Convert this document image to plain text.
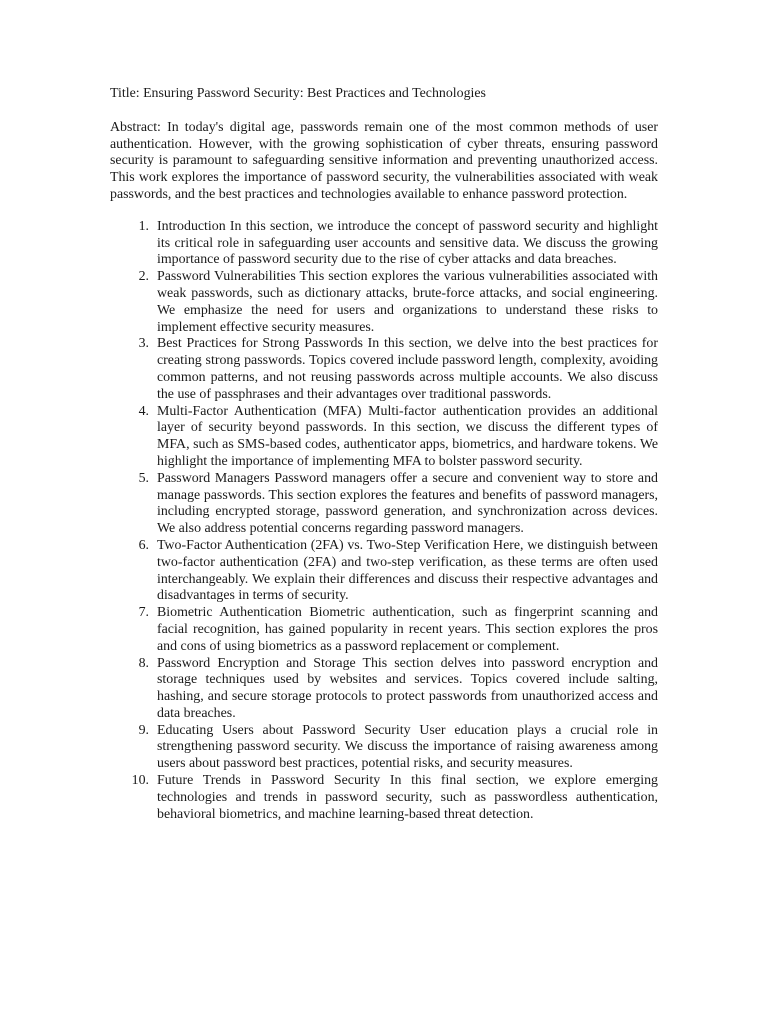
Title: Ensuring Password Security: Best Practices and Technologies

Abstract: In today's digital age, passwords remain one of the most common methods of user authentication. However, with the growing sophistication of cyber threats, ensuring password security is paramount to safeguarding sensitive information and preventing unauthorized access. This work explores the importance of password security, the vulnerabilities associated with weak passwords, and the best practices and technologies available to enhance password protection.

1. Introduction In this section, we introduce the concept of password security and highlight its critical role in safeguarding user accounts and sensitive data. We discuss the growing importance of password security due to the rise of cyber attacks and data breaches.
2. Password Vulnerabilities This section explores the various vulnerabilities associated with weak passwords, such as dictionary attacks, brute-force attacks, and social engineering. We emphasize the need for users and organizations to understand these risks to implement effective security measures.
3. Best Practices for Strong Passwords In this section, we delve into the best practices for creating strong passwords. Topics covered include password length, complexity, avoiding common patterns, and not reusing passwords across multiple accounts. We also discuss the use of passphrases and their advantages over traditional passwords.
4. Multi-Factor Authentication (MFA) Multi-factor authentication provides an additional layer of security beyond passwords. In this section, we discuss the different types of MFA, such as SMS-based codes, authenticator apps, biometrics, and hardware tokens. We highlight the importance of implementing MFA to bolster password security.
5. Password Managers Password managers offer a secure and convenient way to store and manage passwords. This section explores the features and benefits of password managers, including encrypted storage, password generation, and synchronization across devices. We also address potential concerns regarding password managers.
6. Two-Factor Authentication (2FA) vs. Two-Step Verification Here, we distinguish between two-factor authentication (2FA) and two-step verification, as these terms are often used interchangeably. We explain their differences and discuss their respective advantages and disadvantages in terms of security.
7. Biometric Authentication Biometric authentication, such as fingerprint scanning and facial recognition, has gained popularity in recent years. This section explores the pros and cons of using biometrics as a password replacement or complement.
8. Password Encryption and Storage This section delves into password encryption and storage techniques used by websites and services. Topics covered include salting, hashing, and secure storage protocols to protect passwords from unauthorized access and data breaches.
9. Educating Users about Password Security User education plays a crucial role in strengthening password security. We discuss the importance of raising awareness among users about password best practices, potential risks, and security measures.
10. Future Trends in Password Security In this final section, we explore emerging technologies and trends in password security, such as passwordless authentication, behavioral biometrics, and machine learning-based threat detection.
